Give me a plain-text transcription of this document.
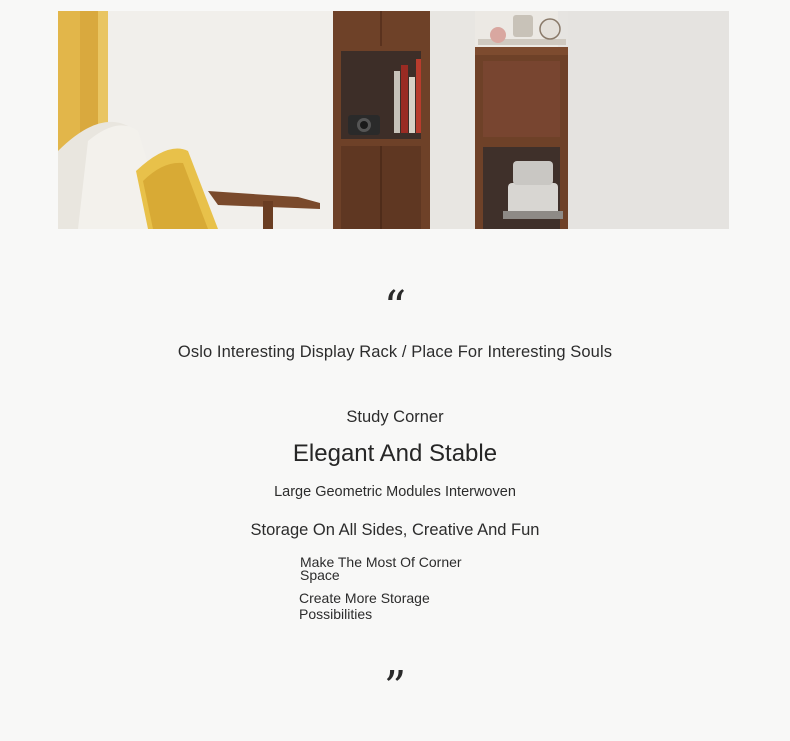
“
Oslo Interesting Display Rack / Place For Interesting Souls
Study Corner
Elegant And Stable
Large Geometric Modules Interwoven
Storage On All Sides, Creative And Fun
Make The Most Of Corner
Space
Create More Storage
Possibilities
”
